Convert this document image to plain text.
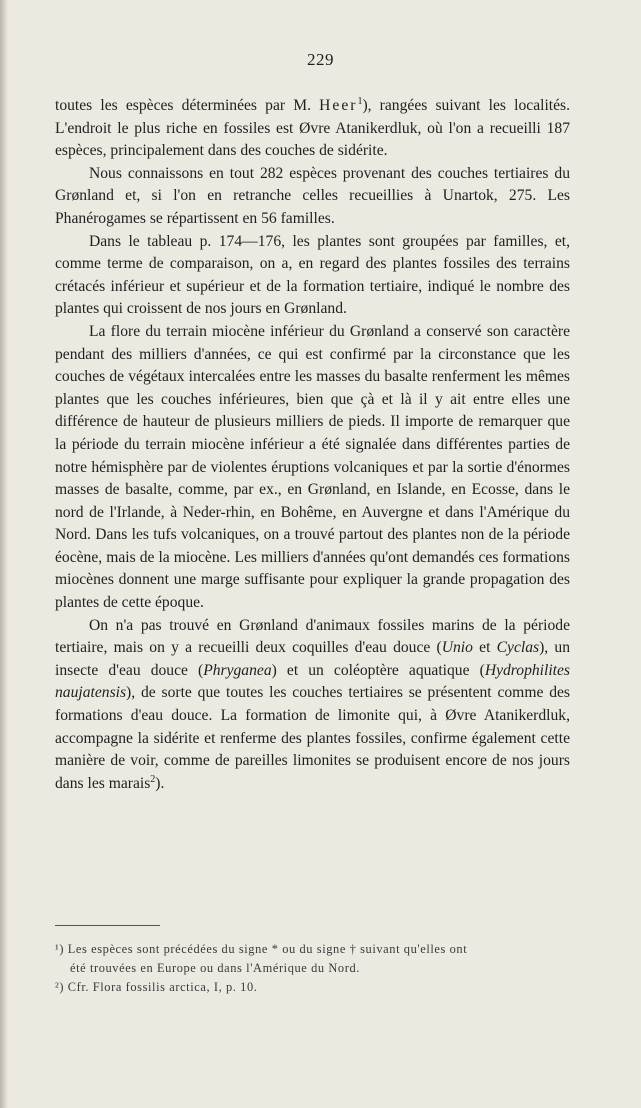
229

toutes les espèces déterminées par M. Heer$^1$), rangées suivant les localités. L'endroit le plus riche en fossiles est Øvre Atanikerdluk, où l'on a recueilli 187 espèces, principalement dans des couches de sidérite.

Nous connaissons en tout 282 espèces provenant des couches tertiaires du Grønland et, si l'on en retranche celles recueillies à Unartok, 275. Les Phanérogames se répartissent en 56 familles.

Dans le tableau p. 174—176, les plantes sont groupées par familles, et, comme terme de comparaison, on a, en regard des plantes fossiles des terrains crétacés inférieur et supérieur et de la formation tertiaire, indiqué le nombre des plantes qui croissent de nos jours en Grønland.

La flore du terrain miocène inférieur du Grønland a conservé son caractère pendant des milliers d'années, ce qui est confirmé par la circonstance que les couches de végétaux intercalées entre les masses du basalte renferment les mêmes plantes que les couches inférieures, bien que çà et là il y ait entre elles une différence de hauteur de plusieurs milliers de pieds. Il importe de remarquer que la période du terrain miocène inférieur a été signalée dans différentes parties de notre hémisphère par de violentes éruptions volcaniques et par la sortie d'énormes masses de basalte, comme, par ex., en Grønland, en Islande, en Ecosse, dans le nord de l'Irlande, à Neder-rhin, en Bohême, en Auvergne et dans l'Amérique du Nord. Dans les tufs volcaniques, on a trouvé partout des plantes non de la période éocène, mais de la miocène. Les milliers d'années qu'ont demandés ces formations miocènes donnent une marge suffisante pour expliquer la grande propagation des plantes de cette époque.

On n'a pas trouvé en Grønland d'animaux fossiles marins de la période tertiaire, mais on y a recueilli deux coquilles d'eau douce (Unio et Cyclas), un insecte d'eau douce (Phryganea) et un coléoptère aquatique (Hydrophilites naujatensis), de sorte que toutes les couches tertiaires se présentent comme des formations d'eau douce. La formation de limonite qui, à Øvre Atanikerdluk, accompagne la sidérite et renferme des plantes fossiles, confirme également cette manière de voir, comme de pareilles limonites se produisent encore de nos jours dans les marais$^2$).

¹) Les espèces sont précédées du signe * ou du signe † suivant qu'elles ont

été trouvées en Europe ou dans l'Amérique du Nord.

²) Cfr. Flora fossilis arctica, I, p. 10.
